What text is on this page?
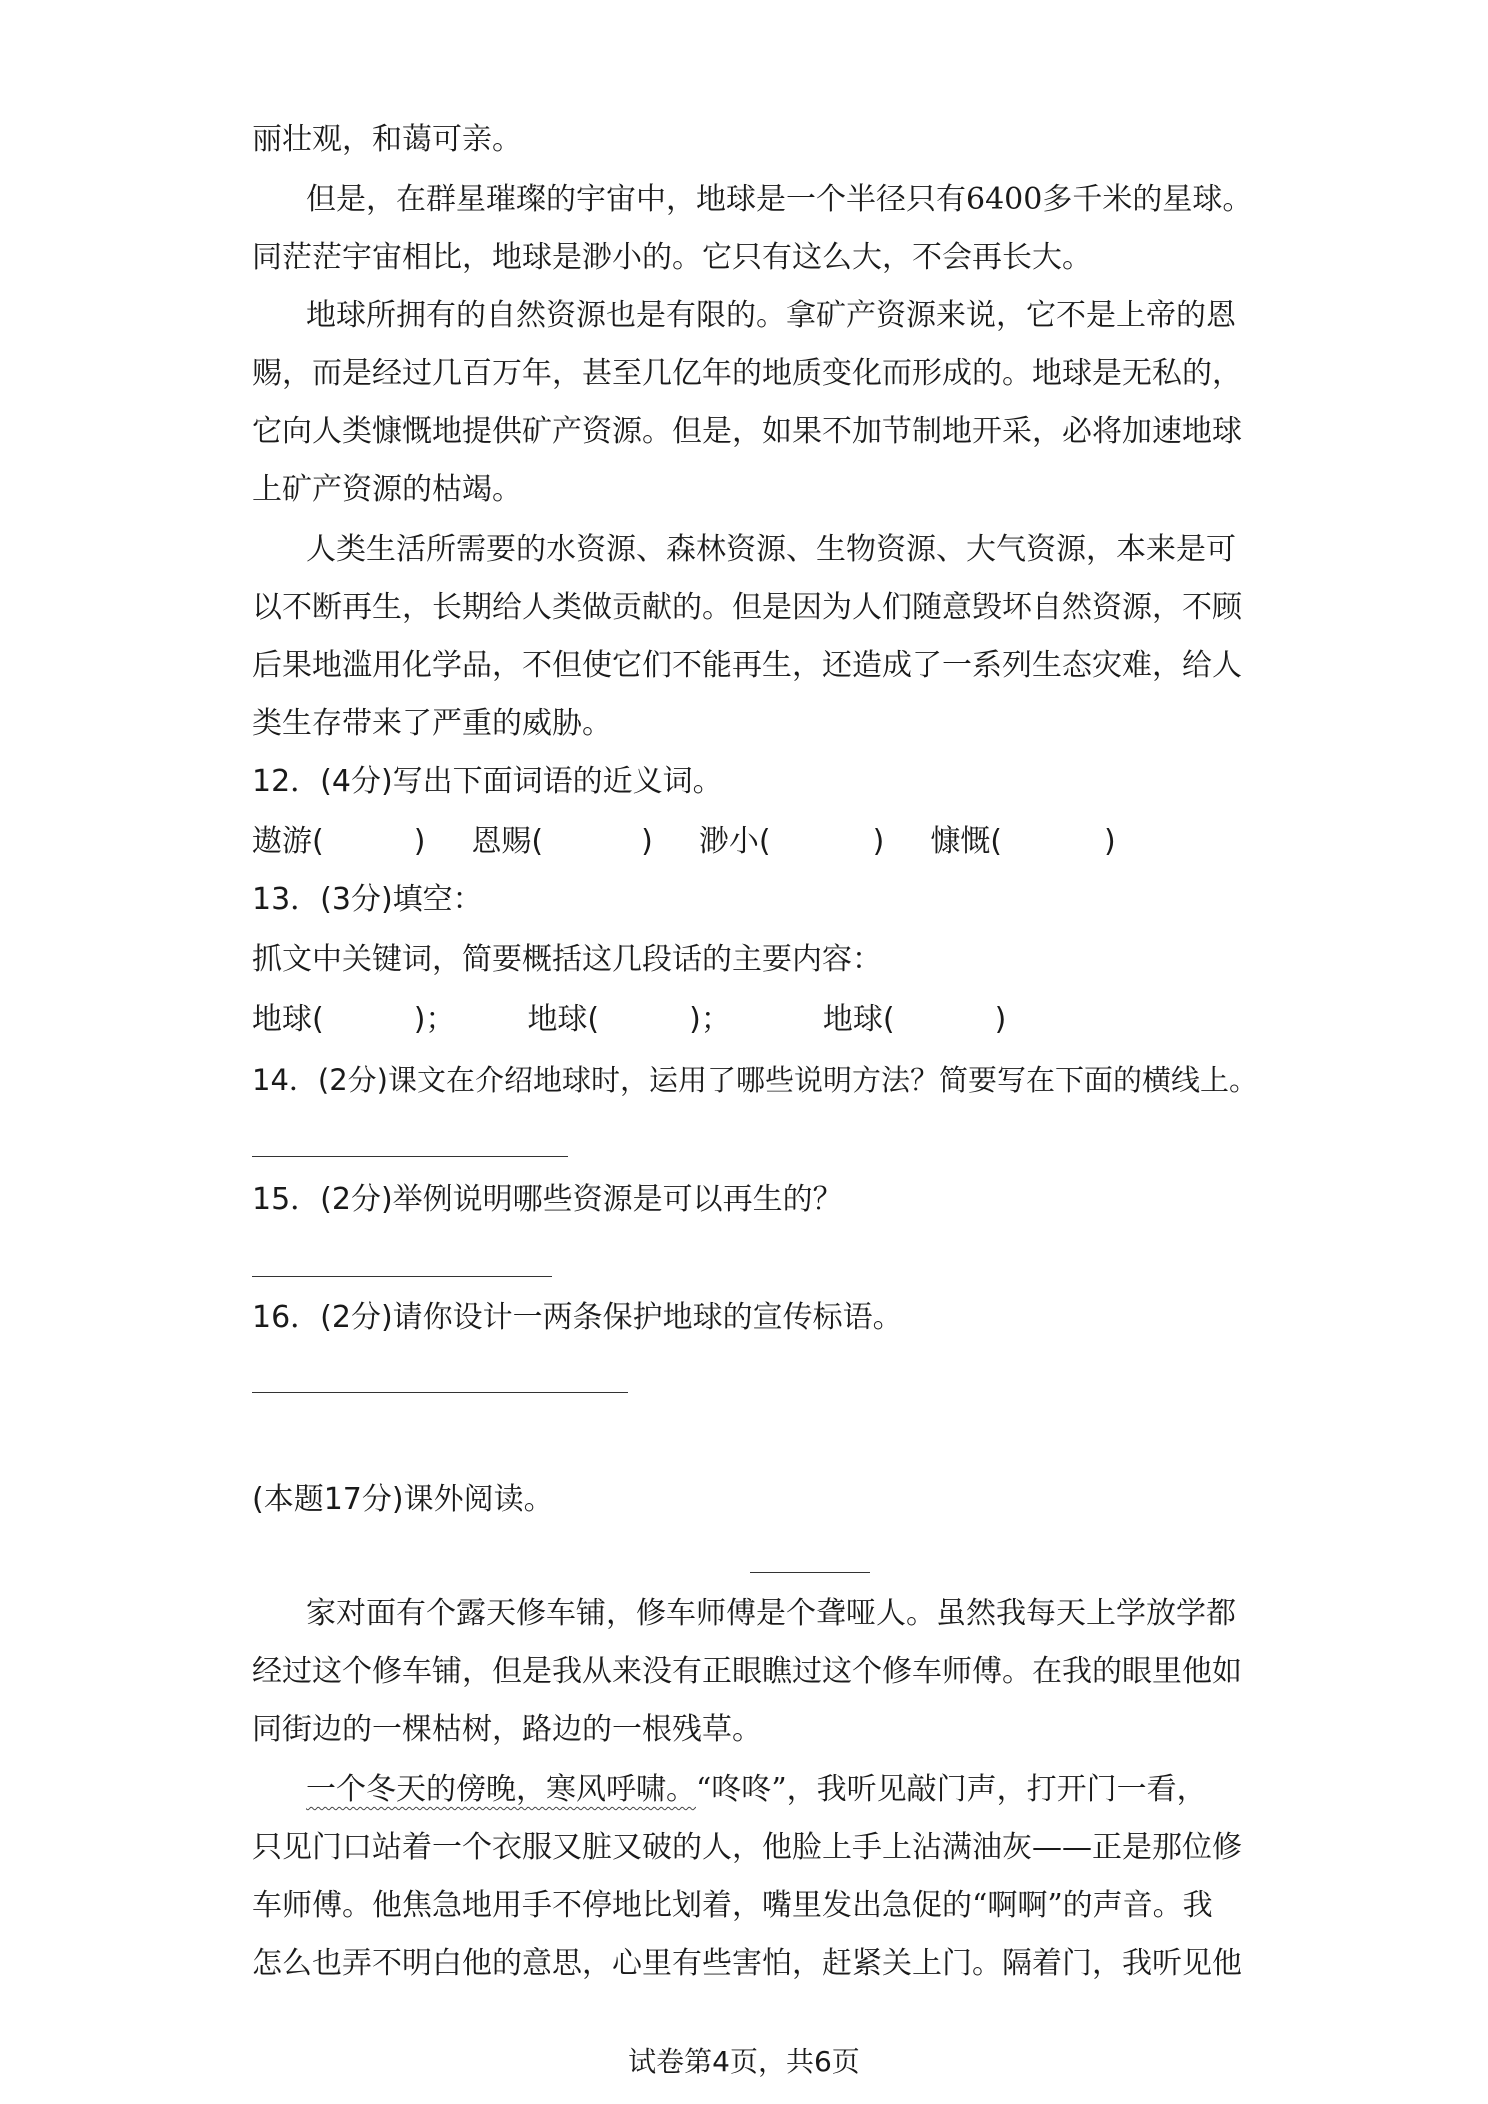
丽壮观，和蔼可亲。
但是，在群星璀璨的宇宙中，地球是一个半径只有6400多千米的星球。
同茫茫宇宙相比，地球是渺小的。它只有这么大，不会再长大。
地球所拥有的自然资源也是有限的。拿矿产资源来说，它不是上帝的恩
赐，而是经过几百万年，甚至几亿年的地质变化而形成的。地球是无私的，
它向人类慷慨地提供矿产资源。但是，如果不加节制地开采，必将加速地球
上矿产资源的枯竭。
人类生活所需要的水资源、森林资源、生物资源、大气资源，本来是可
以不断再生，长期给人类做贡献的。但是因为人们随意毁坏自然资源，不顾
后果地滥用化学品，不但使它们不能再生，还造成了一系列生态灾难，给人
类生存带来了严重的威胁。
12．(4分)写出下面词语的近义词。
遨游(	) 恩赐(	) 渺小(	) 慷慨(	)
13．(3分)填空：
抓文中关键词，简要概括这几段话的主要内容：
地球(	)； 地球(	)；	地球(	)
14．(2分)课文在介绍地球时，运用了哪些说明方法？简要写在下面的横线上。
15．(2分)举例说明哪些资源是可以再生的？
16．(2分)请你设计一两条保护地球的宣传标语。
(本题17分)课外阅读。
家对面有个露天修车铺，修车师傅是个聋哑人。虽然我每天上学放学都
经过这个修车铺，但是我从来没有正眼瞧过这个修车师傅。在我的眼里他如
同街边的一棵枯树，路边的一根残草。
一个冬天的傍晚，寒风呼啸。“咚咚”，我听见敲门声，打开门一看，
只见门口站着一个衣服又脏又破的人，他脸上手上沾满油灰——正是那位修
车师傅。他焦急地用手不停地比划着，嘴里发出急促的“啊啊”的声音。我
怎么也弄不明白他的意思，心里有些害怕，赶紧关上门。隔着门，我听见他
试卷第4页，共6页
